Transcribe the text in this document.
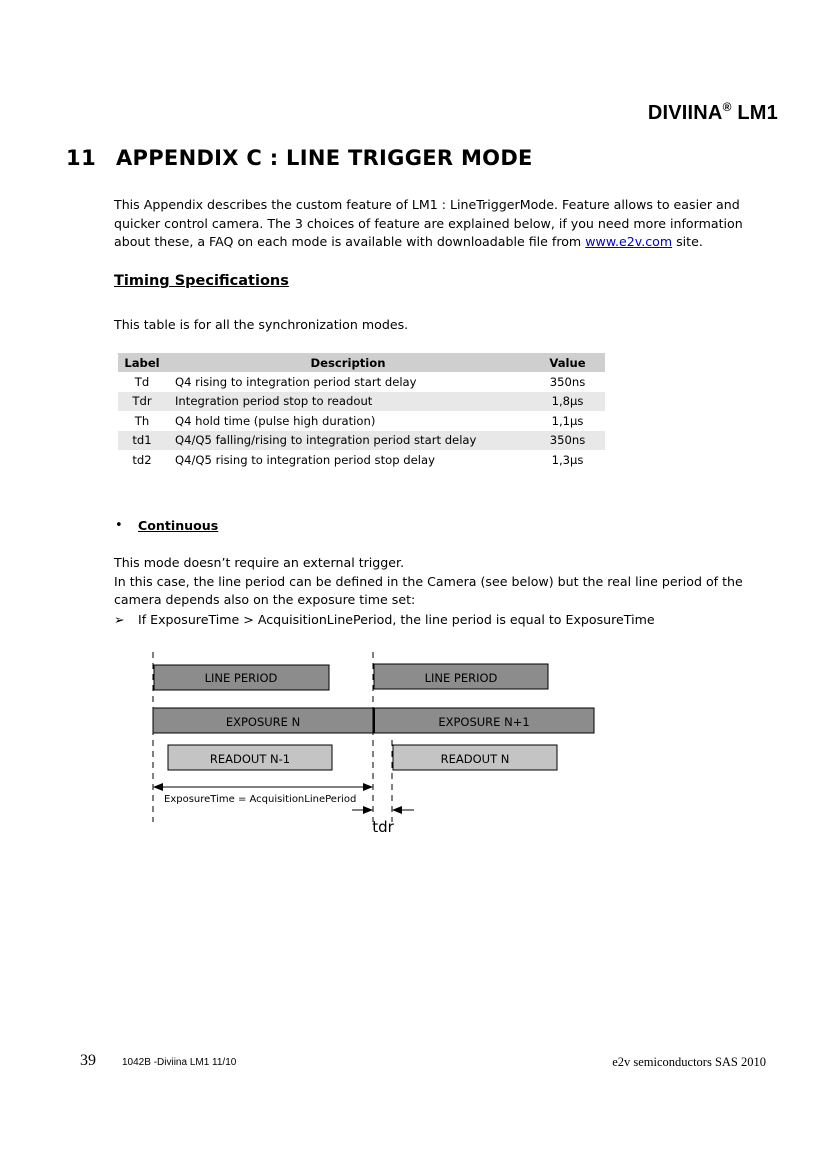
DIVIINA® LM1
11 APPENDIX C : LINE TRIGGER MODE
This Appendix describes the custom feature of LM1 : LineTriggerMode. Feature allows to easier and quicker control camera. The 3 choices of feature are explained below, if you need more information about these, a FAQ on each mode is available with downloadable file from www.e2v.com site.
Timing Specifications
This table is for all the synchronization modes.
Label	Description	Value
Td	Q4 rising to integration period start delay	350ns
Tdr	Integration period stop to readout	1,8µs
Th	Q4 hold time (pulse high duration)	1,1µs
td1	Q4/Q5 falling/rising to integration period start delay	350ns
td2	Q4/Q5 rising to integration period stop delay	1,3µs
• Continuous
This mode doesn’t require an external trigger.
In this case, the line period can be defined in the Camera (see below) but the real line period of the camera depends also on the exposure time set:
➢ If ExposureTime > AcquisitionLinePeriod, the line period is equal to ExposureTime
LINE PERIOD	LINE PERIOD
EXPOSURE N	EXPOSURE N+1
READOUT N-1	READOUT N
ExposureTime = AcquisitionLinePeriod
tdr
39	1042B -Diviina LM1 11/10	e2v semiconductors SAS 2010
